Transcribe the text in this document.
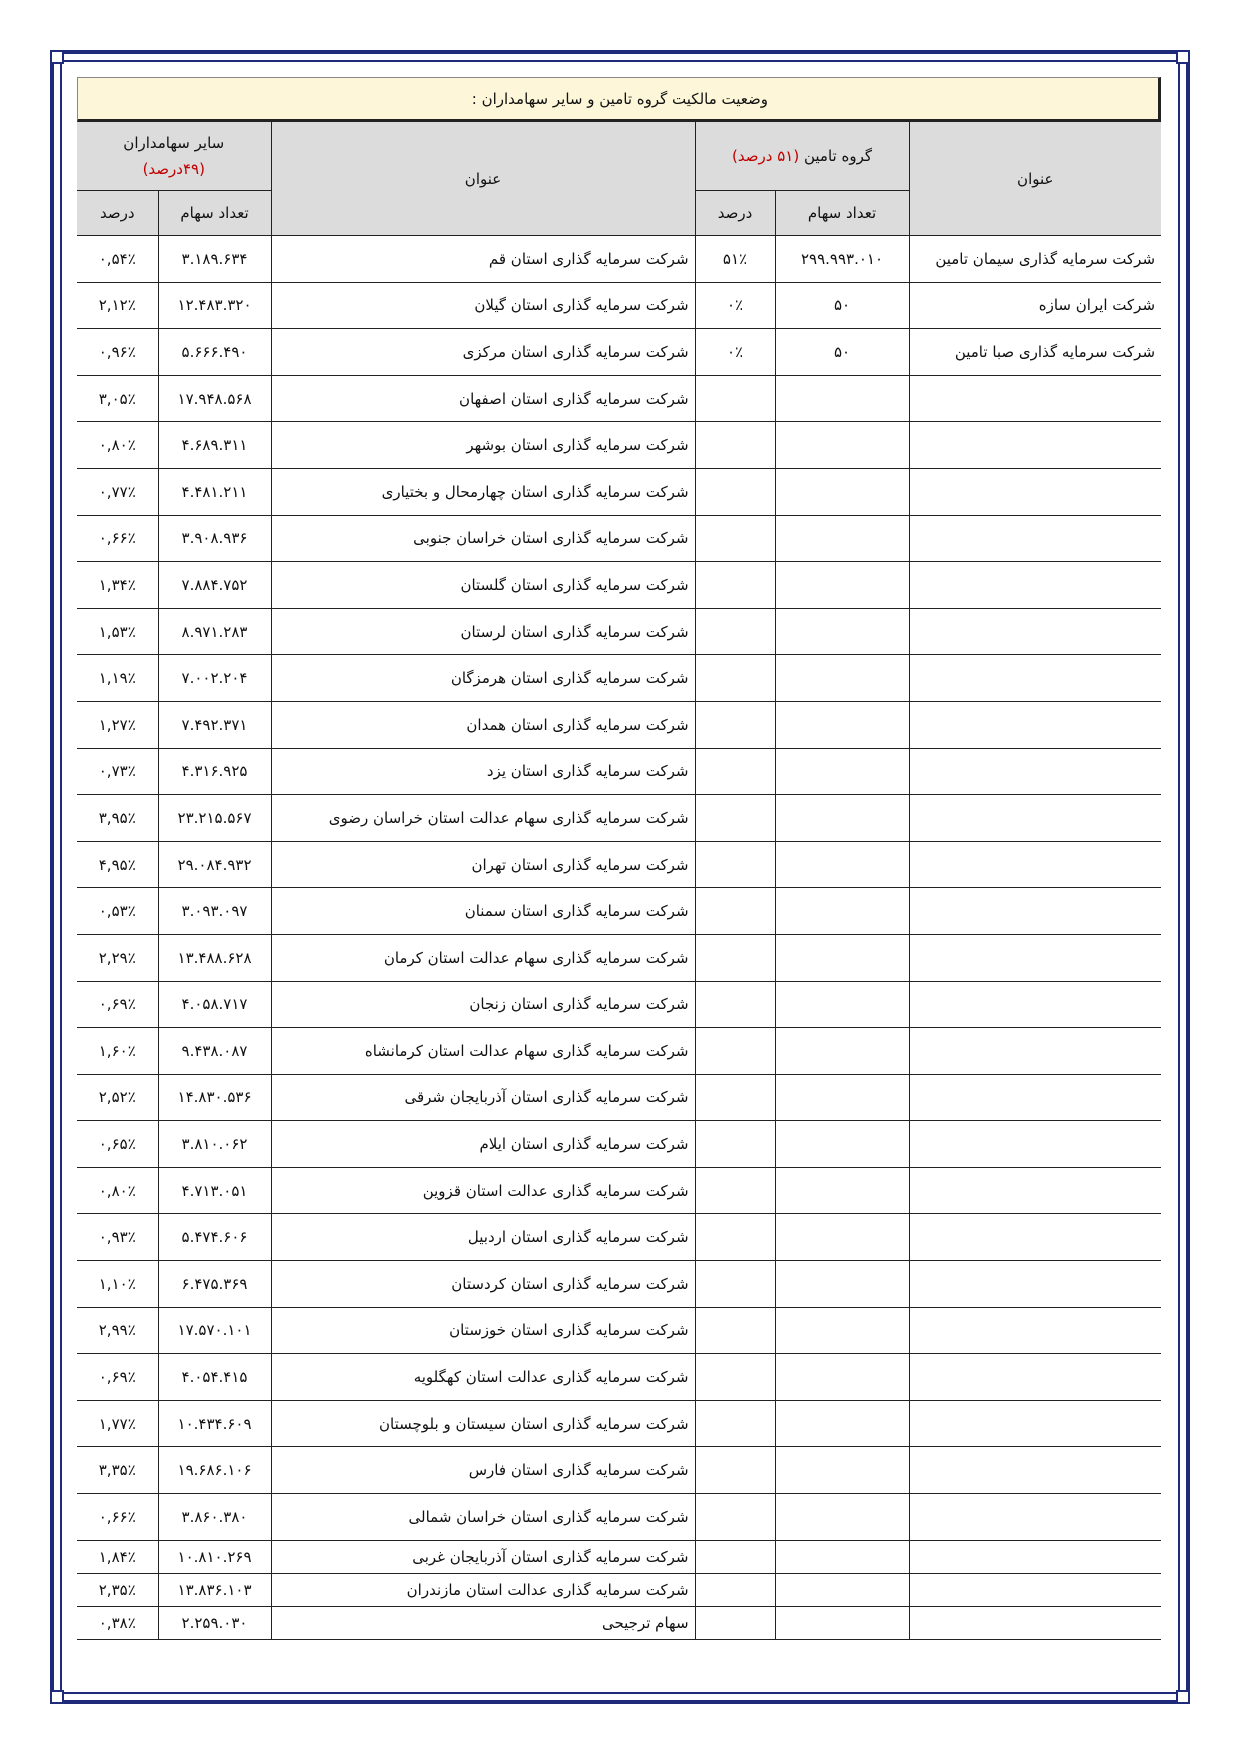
وضعیت مالکیت گروه تامین و سایر سهامداران :
عنوان	گروه تامین (۵۱ درصد)		عنوان	سایر سهامداران
(۴۹درصد)	

	تعداد سهام	درصد		تعداد سهام	درصد
شرکت سرمایه گذاری سیمان تامین	۲۹۹.۹۹۳.۰۱۰	۵۱٪	شرکت سرمایه گذاری استان قم	۳.۱۸۹.۶۳۴	۰,۵۴٪
شرکت ایران سازه	۵۰	۰٪	شرکت سرمایه گذاری استان گیلان	۱۲.۴۸۳.۳۲۰	۲,۱۲٪
شرکت سرمایه گذاری صبا تامین	۵۰	۰٪	شرکت سرمایه گذاری استان مرکزی	۵.۶۶۶.۴۹۰	۰,۹۶٪
			شرکت سرمایه گذاری استان اصفهان	۱۷.۹۴۸.۵۶۸	۳,۰۵٪
			شرکت سرمایه گذاری استان بوشهر	۴.۶۸۹.۳۱۱	۰,۸۰٪
			شرکت سرمایه گذاری استان چهارمحال و بختیاری	۴.۴۸۱.۲۱۱	۰,۷۷٪
			شرکت سرمایه گذاری استان خراسان جنوبی	۳.۹۰۸.۹۳۶	۰,۶۶٪
			شرکت سرمایه گذاری استان گلستان	۷.۸۸۴.۷۵۲	۱,۳۴٪
			شرکت سرمایه گذاری استان لرستان	۸.۹۷۱.۲۸۳	۱,۵۳٪
			شرکت سرمایه گذاری استان هرمزگان	۷.۰۰۲.۲۰۴	۱,۱۹٪
			شرکت سرمایه گذاری استان همدان	۷.۴۹۲.۳۷۱	۱,۲۷٪
			شرکت سرمایه گذاری استان یزد	۴.۳۱۶.۹۲۵	۰,۷۳٪
			شرکت سرمایه گذاری سهام عدالت استان خراسان رضوی	۲۳.۲۱۵.۵۶۷	۳,۹۵٪
			شرکت سرمایه گذاری استان تهران	۲۹.۰۸۴.۹۳۲	۴,۹۵٪
			شرکت سرمایه گذاری استان سمنان	۳.۰۹۳.۰۹۷	۰,۵۳٪
			شرکت سرمایه گذاری سهام عدالت استان کرمان	۱۳.۴۸۸.۶۲۸	۲,۲۹٪
			شرکت سرمایه گذاری استان زنجان	۴.۰۵۸.۷۱۷	۰,۶۹٪
			شرکت سرمایه گذاری سهام عدالت استان کرمانشاه	۹.۴۳۸.۰۸۷	۱,۶۰٪
			شرکت سرمایه گذاری استان آذربایجان شرقی	۱۴.۸۳۰.۵۳۶	۲,۵۲٪
			شرکت سرمایه گذاری استان ایلام	۳.۸۱۰.۰۶۲	۰,۶۵٪
			شرکت سرمایه گذاری عدالت استان قزوین	۴.۷۱۳.۰۵۱	۰,۸۰٪
			شرکت سرمایه گذاری استان اردبیل	۵.۴۷۴.۶۰۶	۰,۹۳٪
			شرکت سرمایه گذاری استان کردستان	۶.۴۷۵.۳۶۹	۱,۱۰٪
			شرکت سرمایه گذاری استان خوزستان	۱۷.۵۷۰.۱۰۱	۲,۹۹٪
			شرکت سرمایه گذاری عدالت استان کهگلویه	۴.۰۵۴.۴۱۵	۰,۶۹٪
			شرکت سرمایه گذاری استان سیستان و بلوچستان	۱۰.۴۳۴.۶۰۹	۱,۷۷٪
			شرکت سرمایه گذاری استان فارس	۱۹.۶۸۶.۱۰۶	۳,۳۵٪
			شرکت سرمایه گذاری استان خراسان شمالی	۳.۸۶۰.۳۸۰	۰,۶۶٪
			شرکت سرمایه گذاری استان آذربایجان غربی	۱۰.۸۱۰.۲۶۹	۱,۸۴٪
			شرکت سرمایه گذاری عدالت استان مازندران	۱۳.۸۳۶.۱۰۳	۲,۳۵٪
			سهام ترجیحی	۲.۲۵۹.۰۳۰	۰,۳۸٪
